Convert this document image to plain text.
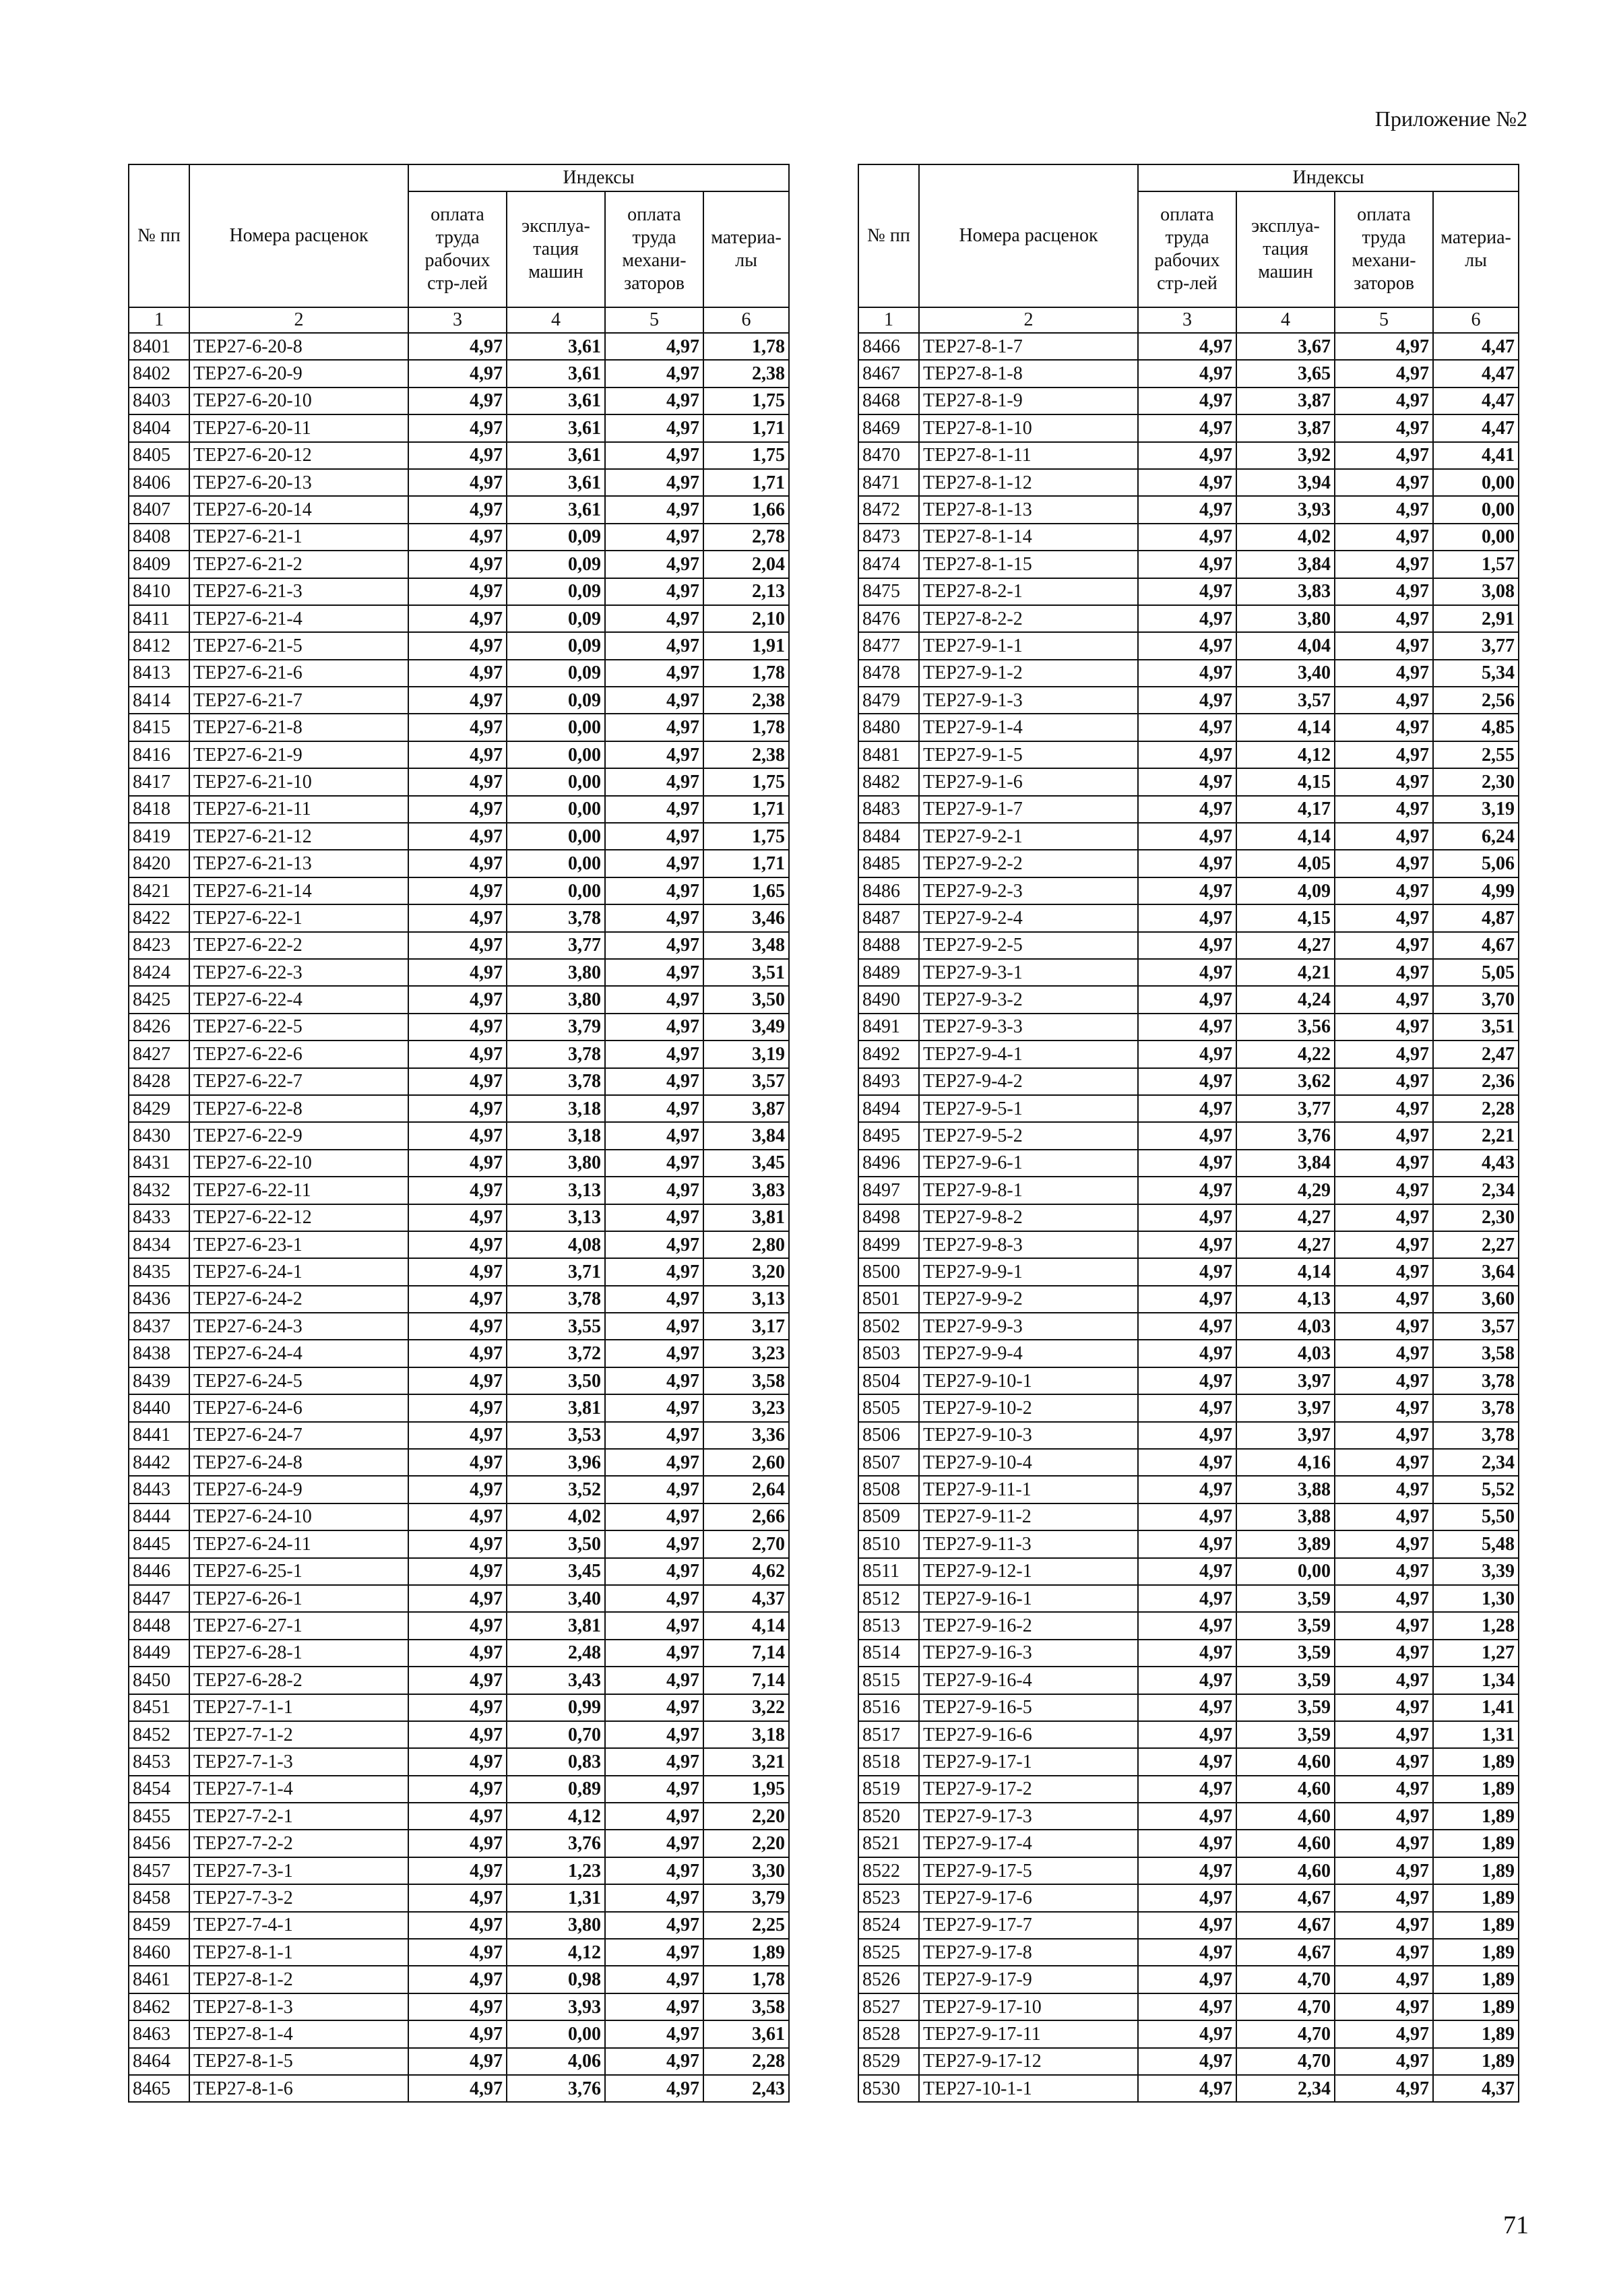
Приложение №2
№ пп	Номера расценок	Индексы			
		оплата труда рабочих стр-лей	эксплуа-тация машин	оплата труда механи-заторов	материа-лы
1	2	3	4	5	6
8401	ТЕР27-6-20-8	4,97	3,61	4,97	1,78
8402	ТЕР27-6-20-9	4,97	3,61	4,97	2,38
8403	ТЕР27-6-20-10	4,97	3,61	4,97	1,75
8404	ТЕР27-6-20-11	4,97	3,61	4,97	1,71
8405	ТЕР27-6-20-12	4,97	3,61	4,97	1,75
8406	ТЕР27-6-20-13	4,97	3,61	4,97	1,71
8407	ТЕР27-6-20-14	4,97	3,61	4,97	1,66
8408	ТЕР27-6-21-1	4,97	0,09	4,97	2,78
8409	ТЕР27-6-21-2	4,97	0,09	4,97	2,04
8410	ТЕР27-6-21-3	4,97	0,09	4,97	2,13
8411	ТЕР27-6-21-4	4,97	0,09	4,97	2,10
8412	ТЕР27-6-21-5	4,97	0,09	4,97	1,91
8413	ТЕР27-6-21-6	4,97	0,09	4,97	1,78
8414	ТЕР27-6-21-7	4,97	0,09	4,97	2,38
8415	ТЕР27-6-21-8	4,97	0,00	4,97	1,78
8416	ТЕР27-6-21-9	4,97	0,00	4,97	2,38
8417	ТЕР27-6-21-10	4,97	0,00	4,97	1,75
8418	ТЕР27-6-21-11	4,97	0,00	4,97	1,71
8419	ТЕР27-6-21-12	4,97	0,00	4,97	1,75
8420	ТЕР27-6-21-13	4,97	0,00	4,97	1,71
8421	ТЕР27-6-21-14	4,97	0,00	4,97	1,65
8422	ТЕР27-6-22-1	4,97	3,78	4,97	3,46
8423	ТЕР27-6-22-2	4,97	3,77	4,97	3,48
8424	ТЕР27-6-22-3	4,97	3,80	4,97	3,51
8425	ТЕР27-6-22-4	4,97	3,80	4,97	3,50
8426	ТЕР27-6-22-5	4,97	3,79	4,97	3,49
8427	ТЕР27-6-22-6	4,97	3,78	4,97	3,19
8428	ТЕР27-6-22-7	4,97	3,78	4,97	3,57
8429	ТЕР27-6-22-8	4,97	3,18	4,97	3,87
8430	ТЕР27-6-22-9	4,97	3,18	4,97	3,84
8431	ТЕР27-6-22-10	4,97	3,80	4,97	3,45
8432	ТЕР27-6-22-11	4,97	3,13	4,97	3,83
8433	ТЕР27-6-22-12	4,97	3,13	4,97	3,81
8434	ТЕР27-6-23-1	4,97	4,08	4,97	2,80
8435	ТЕР27-6-24-1	4,97	3,71	4,97	3,20
8436	ТЕР27-6-24-2	4,97	3,78	4,97	3,13
8437	ТЕР27-6-24-3	4,97	3,55	4,97	3,17
8438	ТЕР27-6-24-4	4,97	3,72	4,97	3,23
8439	ТЕР27-6-24-5	4,97	3,50	4,97	3,58
8440	ТЕР27-6-24-6	4,97	3,81	4,97	3,23
8441	ТЕР27-6-24-7	4,97	3,53	4,97	3,36
8442	ТЕР27-6-24-8	4,97	3,96	4,97	2,60
8443	ТЕР27-6-24-9	4,97	3,52	4,97	2,64
8444	ТЕР27-6-24-10	4,97	4,02	4,97	2,66
8445	ТЕР27-6-24-11	4,97	3,50	4,97	2,70
8446	ТЕР27-6-25-1	4,97	3,45	4,97	4,62
8447	ТЕР27-6-26-1	4,97	3,40	4,97	4,37
8448	ТЕР27-6-27-1	4,97	3,81	4,97	4,14
8449	ТЕР27-6-28-1	4,97	2,48	4,97	7,14
8450	ТЕР27-6-28-2	4,97	3,43	4,97	7,14
8451	ТЕР27-7-1-1	4,97	0,99	4,97	3,22
8452	ТЕР27-7-1-2	4,97	0,70	4,97	3,18
8453	ТЕР27-7-1-3	4,97	0,83	4,97	3,21
8454	ТЕР27-7-1-4	4,97	0,89	4,97	1,95
8455	ТЕР27-7-2-1	4,97	4,12	4,97	2,20
8456	ТЕР27-7-2-2	4,97	3,76	4,97	2,20
8457	ТЕР27-7-3-1	4,97	1,23	4,97	3,30
8458	ТЕР27-7-3-2	4,97	1,31	4,97	3,79
8459	ТЕР27-7-4-1	4,97	3,80	4,97	2,25
8460	ТЕР27-8-1-1	4,97	4,12	4,97	1,89
8461	ТЕР27-8-1-2	4,97	0,98	4,97	1,78
8462	ТЕР27-8-1-3	4,97	3,93	4,97	3,58
8463	ТЕР27-8-1-4	4,97	0,00	4,97	3,61
8464	ТЕР27-8-1-5	4,97	4,06	4,97	2,28
8465	ТЕР27-8-1-6	4,97	3,76	4,97	2,43
№ пп	Номера расценок	Индексы			
		оплата труда рабочих стр-лей	эксплуа-тация машин	оплата труда механи-заторов	материа-лы
1	2	3	4	5	6
8466	ТЕР27-8-1-7	4,97	3,67	4,97	4,47
8467	ТЕР27-8-1-8	4,97	3,65	4,97	4,47
8468	ТЕР27-8-1-9	4,97	3,87	4,97	4,47
8469	ТЕР27-8-1-10	4,97	3,87	4,97	4,47
8470	ТЕР27-8-1-11	4,97	3,92	4,97	4,41
8471	ТЕР27-8-1-12	4,97	3,94	4,97	0,00
8472	ТЕР27-8-1-13	4,97	3,93	4,97	0,00
8473	ТЕР27-8-1-14	4,97	4,02	4,97	0,00
8474	ТЕР27-8-1-15	4,97	3,84	4,97	1,57
8475	ТЕР27-8-2-1	4,97	3,83	4,97	3,08
8476	ТЕР27-8-2-2	4,97	3,80	4,97	2,91
8477	ТЕР27-9-1-1	4,97	4,04	4,97	3,77
8478	ТЕР27-9-1-2	4,97	3,40	4,97	5,34
8479	ТЕР27-9-1-3	4,97	3,57	4,97	2,56
8480	ТЕР27-9-1-4	4,97	4,14	4,97	4,85
8481	ТЕР27-9-1-5	4,97	4,12	4,97	2,55
8482	ТЕР27-9-1-6	4,97	4,15	4,97	2,30
8483	ТЕР27-9-1-7	4,97	4,17	4,97	3,19
8484	ТЕР27-9-2-1	4,97	4,14	4,97	6,24
8485	ТЕР27-9-2-2	4,97	4,05	4,97	5,06
8486	ТЕР27-9-2-3	4,97	4,09	4,97	4,99
8487	ТЕР27-9-2-4	4,97	4,15	4,97	4,87
8488	ТЕР27-9-2-5	4,97	4,27	4,97	4,67
8489	ТЕР27-9-3-1	4,97	4,21	4,97	5,05
8490	ТЕР27-9-3-2	4,97	4,24	4,97	3,70
8491	ТЕР27-9-3-3	4,97	3,56	4,97	3,51
8492	ТЕР27-9-4-1	4,97	4,22	4,97	2,47
8493	ТЕР27-9-4-2	4,97	3,62	4,97	2,36
8494	ТЕР27-9-5-1	4,97	3,77	4,97	2,28
8495	ТЕР27-9-5-2	4,97	3,76	4,97	2,21
8496	ТЕР27-9-6-1	4,97	3,84	4,97	4,43
8497	ТЕР27-9-8-1	4,97	4,29	4,97	2,34
8498	ТЕР27-9-8-2	4,97	4,27	4,97	2,30
8499	ТЕР27-9-8-3	4,97	4,27	4,97	2,27
8500	ТЕР27-9-9-1	4,97	4,14	4,97	3,64
8501	ТЕР27-9-9-2	4,97	4,13	4,97	3,60
8502	ТЕР27-9-9-3	4,97	4,03	4,97	3,57
8503	ТЕР27-9-9-4	4,97	4,03	4,97	3,58
8504	ТЕР27-9-10-1	4,97	3,97	4,97	3,78
8505	ТЕР27-9-10-2	4,97	3,97	4,97	3,78
8506	ТЕР27-9-10-3	4,97	3,97	4,97	3,78
8507	ТЕР27-9-10-4	4,97	4,16	4,97	2,34
8508	ТЕР27-9-11-1	4,97	3,88	4,97	5,52
8509	ТЕР27-9-11-2	4,97	3,88	4,97	5,50
8510	ТЕР27-9-11-3	4,97	3,89	4,97	5,48
8511	ТЕР27-9-12-1	4,97	0,00	4,97	3,39
8512	ТЕР27-9-16-1	4,97	3,59	4,97	1,30
8513	ТЕР27-9-16-2	4,97	3,59	4,97	1,28
8514	ТЕР27-9-16-3	4,97	3,59	4,97	1,27
8515	ТЕР27-9-16-4	4,97	3,59	4,97	1,34
8516	ТЕР27-9-16-5	4,97	3,59	4,97	1,41
8517	ТЕР27-9-16-6	4,97	3,59	4,97	1,31
8518	ТЕР27-9-17-1	4,97	4,60	4,97	1,89
8519	ТЕР27-9-17-2	4,97	4,60	4,97	1,89
8520	ТЕР27-9-17-3	4,97	4,60	4,97	1,89
8521	ТЕР27-9-17-4	4,97	4,60	4,97	1,89
8522	ТЕР27-9-17-5	4,97	4,60	4,97	1,89
8523	ТЕР27-9-17-6	4,97	4,67	4,97	1,89
8524	ТЕР27-9-17-7	4,97	4,67	4,97	1,89
8525	ТЕР27-9-17-8	4,97	4,67	4,97	1,89
8526	ТЕР27-9-17-9	4,97	4,70	4,97	1,89
8527	ТЕР27-9-17-10	4,97	4,70	4,97	1,89
8528	ТЕР27-9-17-11	4,97	4,70	4,97	1,89
8529	ТЕР27-9-17-12	4,97	4,70	4,97	1,89
8530	ТЕР27-10-1-1	4,97	2,34	4,97	4,37
71
